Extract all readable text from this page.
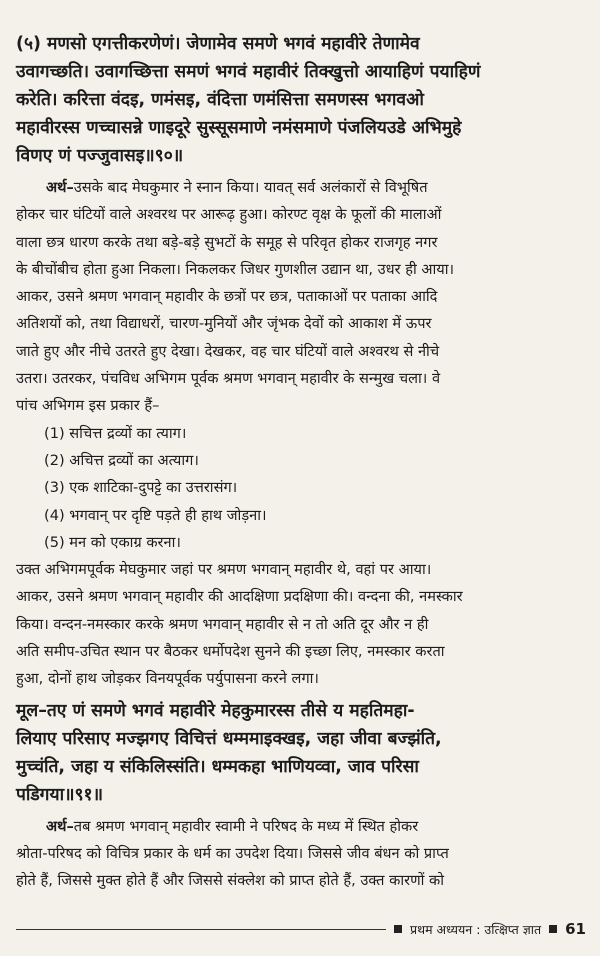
(५) मणसो एगत्तीकरणेणं। जेणामेव समणे भगवं महावीरे तेणामेव
उवागच्छति। उवागच्छित्ता समणं भगवं महावीरं तिक्खुत्तो आयाहिणं पयाहिणं
करेति। करित्ता वंदइ, णमंसइ, वंदित्ता णमंसित्ता समणस्स भगवओ
महावीरस्स णच्चासन्ने णाइदूरे सुस्सूसमाणे नमंसमाणे पंजलियउडे अभिमुहे
विणए णं पज्जुवासइ॥९०॥
अर्थ–उसके बाद मेघकुमार ने स्नान किया। यावत् सर्व अलंकारों से विभूषित
होकर चार घंटियों वाले अश्वरथ पर आरूढ़ हुआ। कोरण्ट वृक्ष के फूलों की मालाओं
वाला छत्र धारण करके तथा बड़े-बड़े सुभटों के समूह से परिवृत होकर राजगृह नगर
के बीचोंबीच होता हुआ निकला। निकलकर जिधर गुणशील उद्यान था, उधर ही आया।
आकर, उसने श्रमण भगवान् महावीर के छत्रों पर छत्र, पताकाओं पर पताका आदि
अतिशयों को, तथा विद्याधरों, चारण-मुनियों और जृंभक देवों को आकाश में ऊपर
जाते हुए और नीचे उतरते हुए देखा। देखकर, वह चार घंटियों वाले अश्वरथ से नीचे
उतरा। उतरकर, पंचविध अभिगम पूर्वक श्रमण भगवान् महावीर के सन्मुख चला। वे
पांच अभिगम इस प्रकार हैं–
(1) सचित्त द्रव्यों का त्याग।
(2) अचित्त द्रव्यों का अत्याग।
(3) एक शाटिका-दुपट्टे का उत्तरासंग।
(4) भगवान् पर दृष्टि पड़ते ही हाथ जोड़ना।
(5) मन को एकाग्र करना।
उक्त अभिगमपूर्वक मेघकुमार जहां पर श्रमण भगवान् महावीर थे, वहां पर आया।
आकर, उसने श्रमण भगवान् महावीर की आदक्षिणा प्रदक्षिणा की। वन्दना की, नमस्कार
किया। वन्दन-नमस्कार करके श्रमण भगवान् महावीर से न तो अति दूर और न ही
अति समीप-उचित स्थान पर बैठकर धर्मोपदेश सुनने की इच्छा लिए, नमस्कार करता
हुआ, दोनों हाथ जोड़कर विनयपूर्वक पर्युपासना करने लगा।
मूल–तए णं समणे भगवं महावीरे मेहकुमारस्स तीसे य महतिमहा-
लियाए परिसाए मज्झगए विचित्तं धम्ममाइक्खइ, जहा जीवा बज्झंति,
मुच्चंति, जहा य संकिलिस्संति। धम्मकहा भाणियव्वा, जाव परिसा
पडिगया॥९१॥
अर्थ–तब श्रमण भगवान् महावीर स्वामी ने परिषद के मध्य में स्थित होकर
श्रोता-परिषद को विचित्र प्रकार के धर्म का उपदेश दिया। जिससे जीव बंधन को प्राप्त
होते हैं, जिससे मुक्त होते हैं और जिससे संक्लेश को प्राप्त होते हैं, उक्त कारणों को
प्रथम अध्ययन : उत्क्षिप्त ज्ञात 61
